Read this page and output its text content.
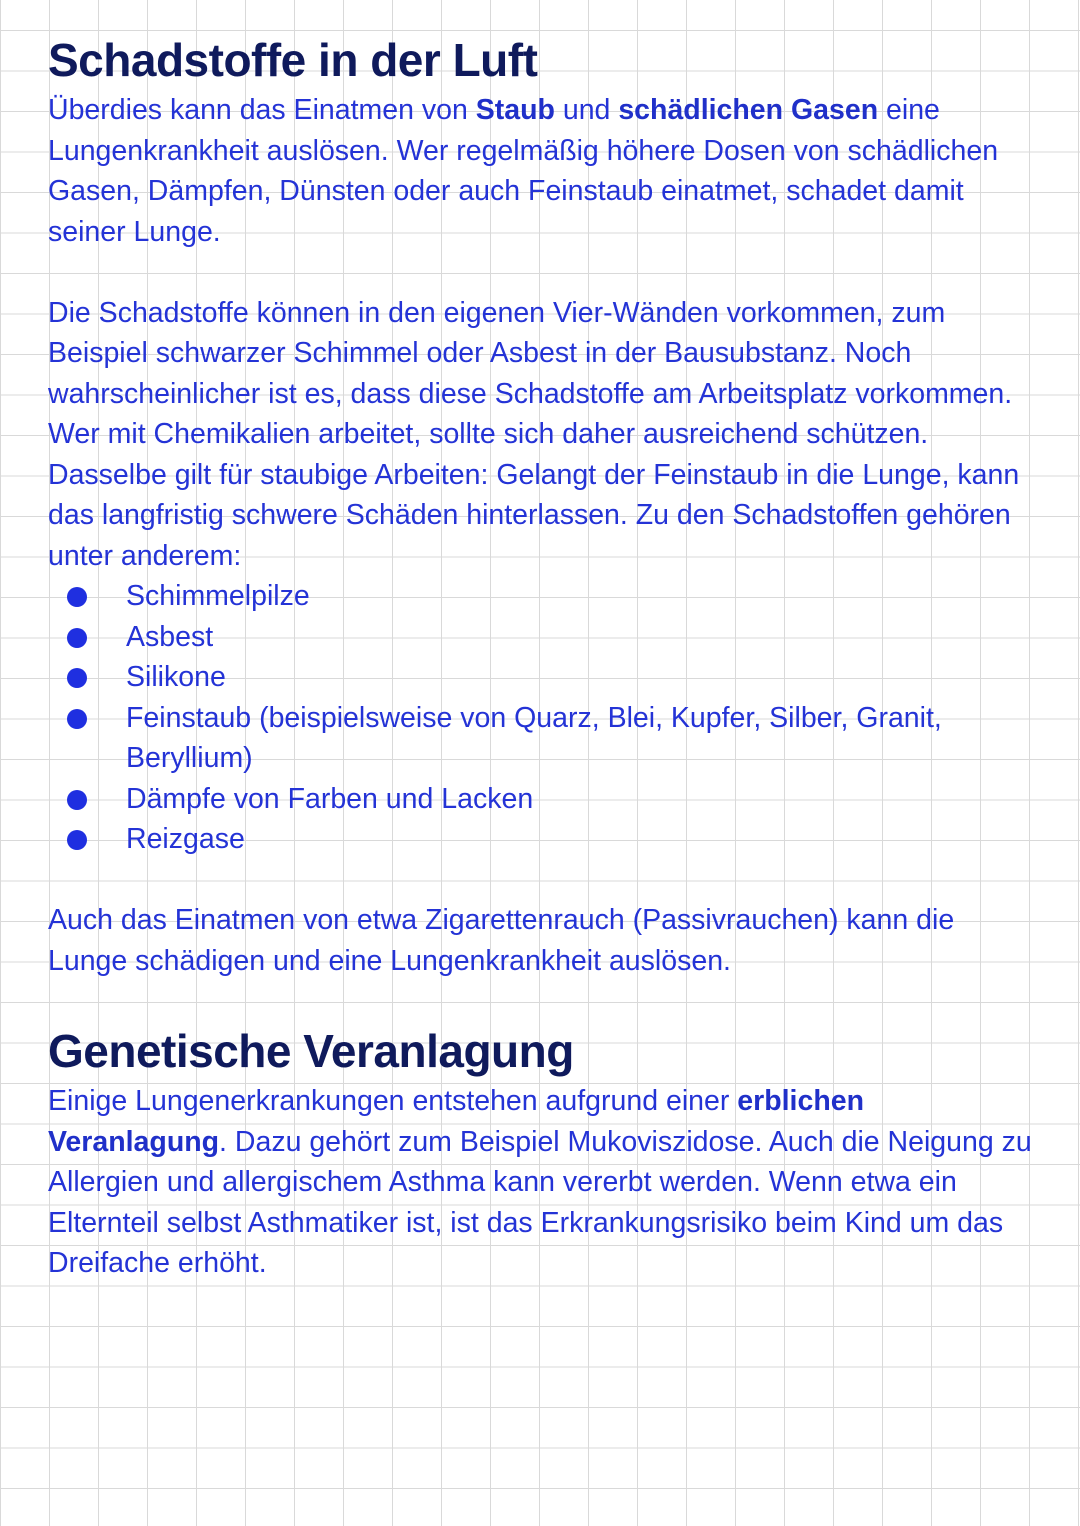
Schadstoffe in der Luft

Überdies kann das Einatmen von Staub und schädlichen Gasen eine Lungenkrankheit auslösen. Wer regelmäßig höhere Dosen von schädlichen Gasen, Dämpfen, Dünsten oder auch Feinstaub einatmet, schadet damit seiner Lunge.

Die Schadstoffe können in den eigenen Vier-Wänden vorkommen, zum Beispiel schwarzer Schimmel oder Asbest in der Bausubstanz. Noch wahrscheinlicher ist es, dass diese Schadstoffe am Arbeitsplatz vorkommen. Wer mit Chemikalien arbeitet, sollte sich daher ausreichend schützen. Dasselbe gilt für staubige Arbeiten: Gelangt der Feinstaub in die Lunge, kann das langfristig schwere Schäden hinterlassen. Zu den Schadstoffen gehören unter anderem:

Schimmelpilze
Asbest
Silikone
Feinstaub (beispielsweise von Quarz, Blei, Kupfer, Silber, Granit, Beryllium)
Dämpfe von Farben und Lacken
Reizgase

Auch das Einatmen von etwa Zigarettenrauch (Passivrauchen) kann die Lunge schädigen und eine Lungenkrankheit auslösen.

Genetische Veranlagung

Einige Lungenerkrankungen entstehen aufgrund einer erblichen Veranlagung. Dazu gehört zum Beispiel Mukoviszidose. Auch die Neigung zu Allergien und allergischem Asthma kann vererbt werden. Wenn etwa ein Elternteil selbst Asthmatiker ist, ist das Erkrankungsrisiko beim Kind um das Dreifache erhöht.
